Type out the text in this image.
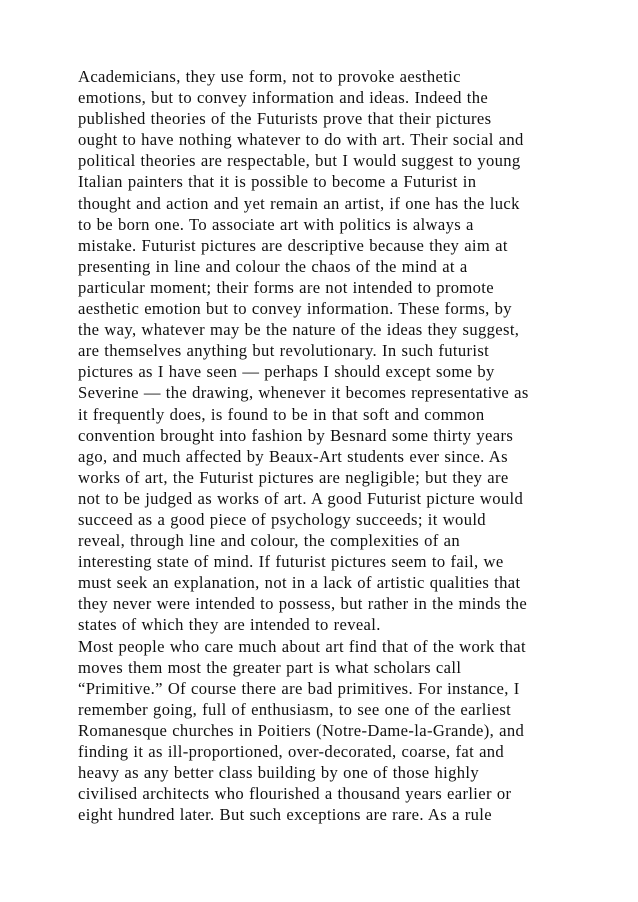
Academicians, they use form, not to provoke aesthetic
emotions, but to convey information and ideas. Indeed the
published theories of the Futurists prove that their pictures
ought to have nothing whatever to do with art. Their social and
political theories are respectable, but I would suggest to young
Italian painters that it is possible to become a Futurist in
thought and action and yet remain an artist, if one has the luck
to be born one. To associate art with politics is always a
mistake. Futurist pictures are descriptive because they aim at
presenting in line and colour the chaos of the mind at a
particular moment; their forms are not intended to promote
aesthetic emotion but to convey information. These forms, by
the way, whatever may be the nature of the ideas they suggest,
are themselves anything but revolutionary. In such futurist
pictures as I have seen — perhaps I should except some by
Severine — the drawing, whenever it becomes representative as
it frequently does, is found to be in that soft and common
convention brought into fashion by Besnard some thirty years
ago, and much affected by Beaux-Art students ever since. As
works of art, the Futurist pictures are negligible; but they are
not to be judged as works of art. A good Futurist picture would
succeed as a good piece of psychology succeeds; it would
reveal, through line and colour, the complexities of an
interesting state of mind. If futurist pictures seem to fail, we
must seek an explanation, not in a lack of artistic qualities that
they never were intended to possess, but rather in the minds the
states of which they are intended to reveal.
Most people who care much about art find that of the work that
moves them most the greater part is what scholars call
“Primitive.” Of course there are bad primitives. For instance, I
remember going, full of enthusiasm, to see one of the earliest
Romanesque churches in Poitiers (Notre-Dame-la-Grande), and
finding it as ill-proportioned, over-decorated, coarse, fat and
heavy as any better class building by one of those highly
civilised architects who flourished a thousand years earlier or
eight hundred later. But such exceptions are rare. As a rule
